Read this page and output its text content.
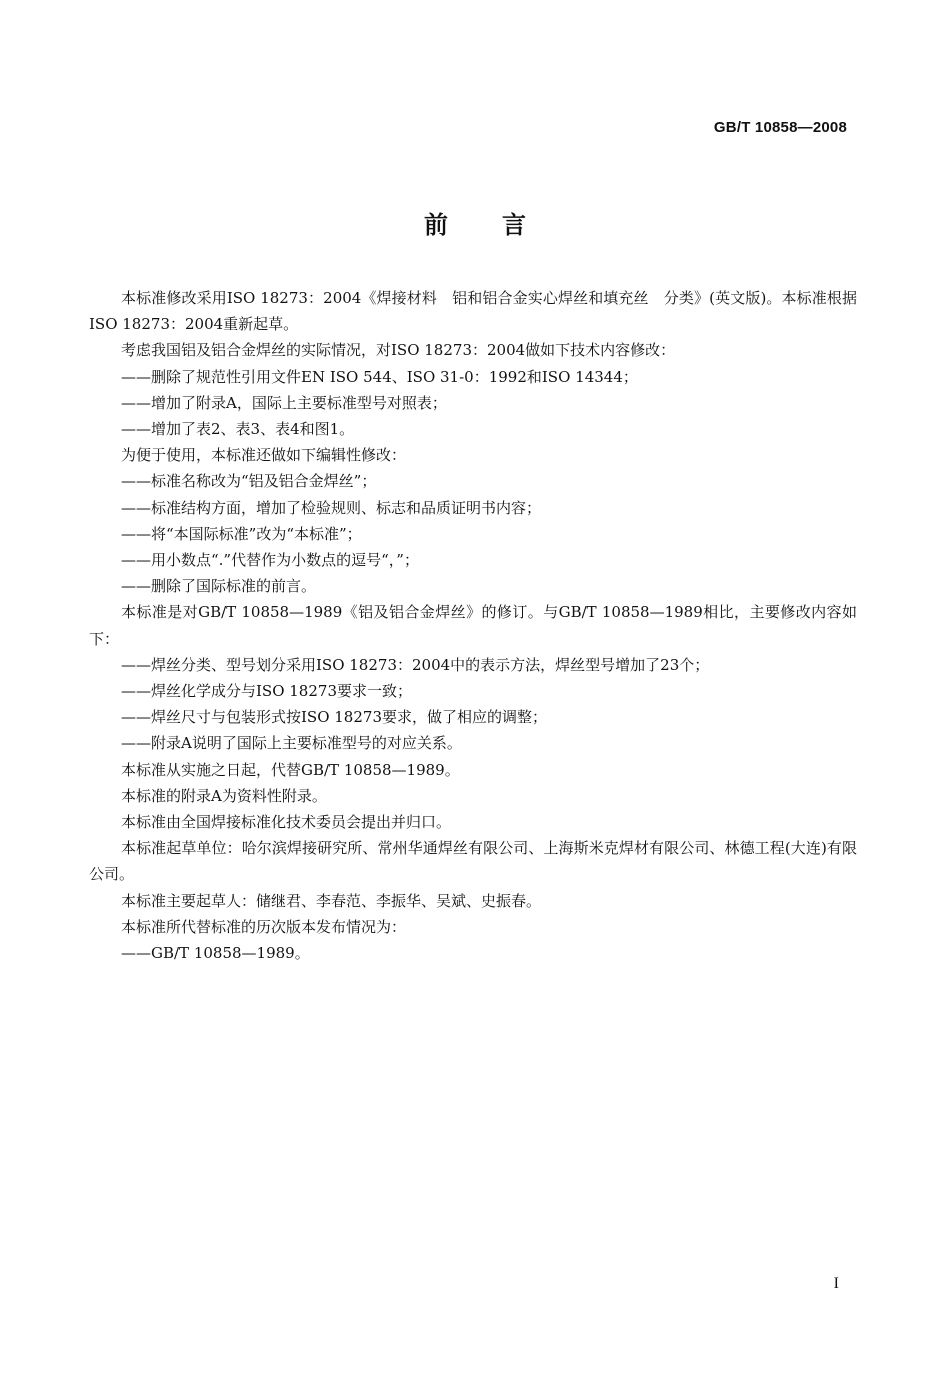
GB/T 10858—2008
前言

本标准修改采用ISO 18273：2004《焊接材料　铝和铝合金实心焊丝和填充丝　分类》(英文版)。本标准根据ISO 18273：2004重新起草。

考虑我国铝及铝合金焊丝的实际情况，对ISO 18273：2004做如下技术内容修改：

——删除了规范性引用文件EN ISO 544、ISO 31-0：1992和ISO 14344；

——增加了附录A，国际上主要标准型号对照表；

——增加了表2、表3、表4和图1。

为便于使用，本标准还做如下编辑性修改：

——标准名称改为“铝及铝合金焊丝”；

——标准结构方面，增加了检验规则、标志和品质证明书内容；

——将“本国际标准”改为“本标准”；

——用小数点“.”代替作为小数点的逗号“，”；

——删除了国际标准的前言。

本标准是对GB/T 10858—1989《铝及铝合金焊丝》的修订。与GB/T 10858—1989相比，主要修改内容如下：

——焊丝分类、型号划分采用ISO 18273：2004中的表示方法，焊丝型号增加了23个；

——焊丝化学成分与ISO 18273要求一致；

——焊丝尺寸与包装形式按ISO 18273要求，做了相应的调整；

——附录A说明了国际上主要标准型号的对应关系。

本标准从实施之日起，代替GB/T 10858—1989。

本标准的附录A为资料性附录。

本标准由全国焊接标准化技术委员会提出并归口。

本标准起草单位：哈尔滨焊接研究所、常州华通焊丝有限公司、上海斯米克焊材有限公司、林德工程(大连)有限公司。

本标准主要起草人：储继君、李春范、李振华、吴斌、史振春。

本标准所代替标准的历次版本发布情况为：

——GB/T 10858—1989。

I
